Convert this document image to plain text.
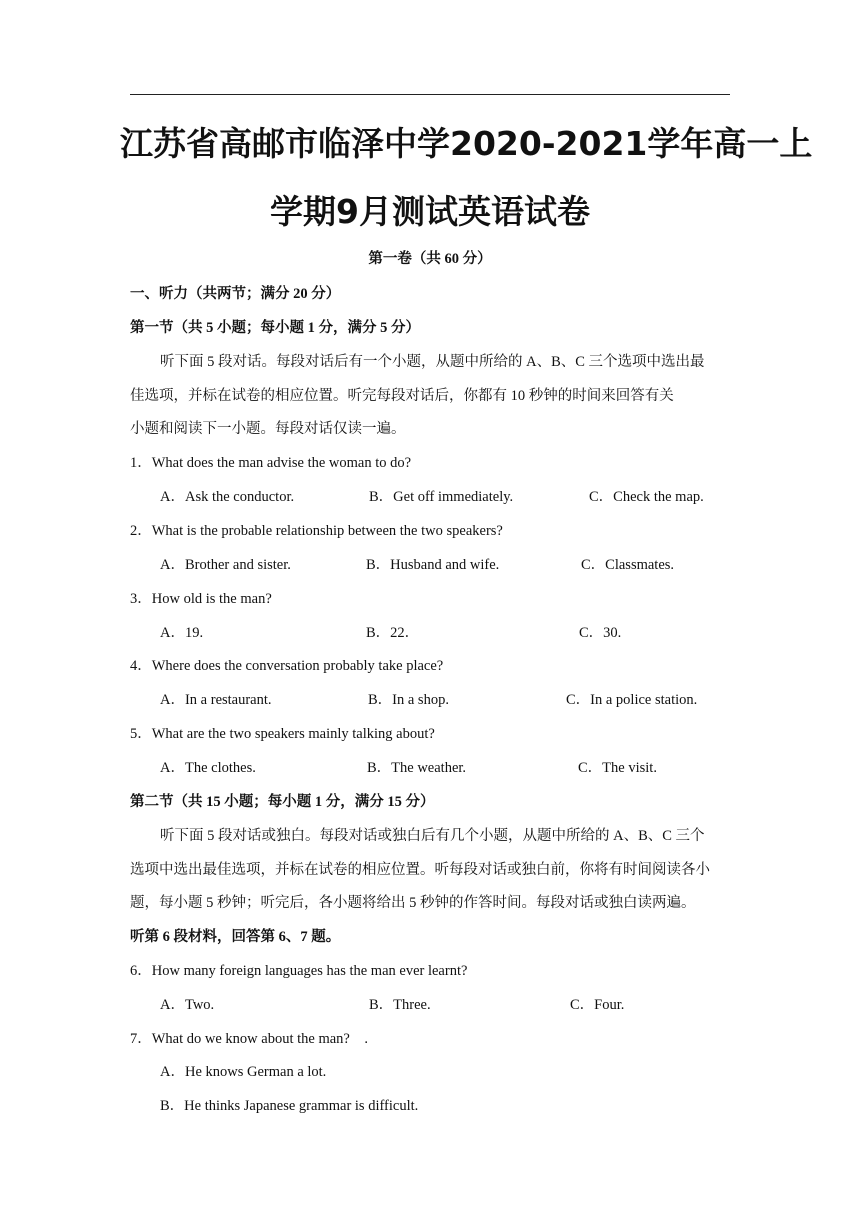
江苏省高邮市临泽中学2020-2021学年高一上
学期9月测试英语试卷
第一卷（共 60 分）
一、听力（共两节；满分 20 分）
第一节（共 5 小题；每小题 1 分，满分 5 分）
听下面 5 段对话。每段对话后有一个小题，从题中所给的 A、B、C 三个选项中选出最
佳选项，并标在试卷的相应位置。听完每段对话后，你都有 10 秒钟的时间来回答有关
小题和阅读下一小题。每段对话仅读一遍。
1．What does the man advise the woman to do?
A．Ask the conductor.	B．Get off immediately.	C．Check the map.
2．What is the probable relationship between the two speakers?
A．Brother and sister.	B．Husband and wife.	C．Classmates.
3．How old is the man?
A．19.	B．22．	C．30.
4．Where does the conversation probably take place?
A．In a restaurant.	B．In a shop.	C．In a police station.
5．What are the two speakers mainly talking about?
A．The clothes.	B．The weather.	C．The visit.
第二节（共 15 小题；每小题 1 分，满分 15 分）
听下面 5 段对话或独白。每段对话或独白后有几个小题，从题中所给的 A、B、C 三个
选项中选出最佳选项，并标在试卷的相应位置。听每段对话或独白前，你将有时间阅读各小
题，每小题 5 秒钟；听完后，各小题将给出 5 秒钟的作答时间。每段对话或独白读两遍。
听第 6 段材料，回答第 6、7 题。
6．How many foreign languages has the man ever learnt?
A．Two.	B．Three.	C．Four.
7．What do we know about the man?　.
A．He knows German a lot.
B．He thinks Japanese grammar is difficult.
